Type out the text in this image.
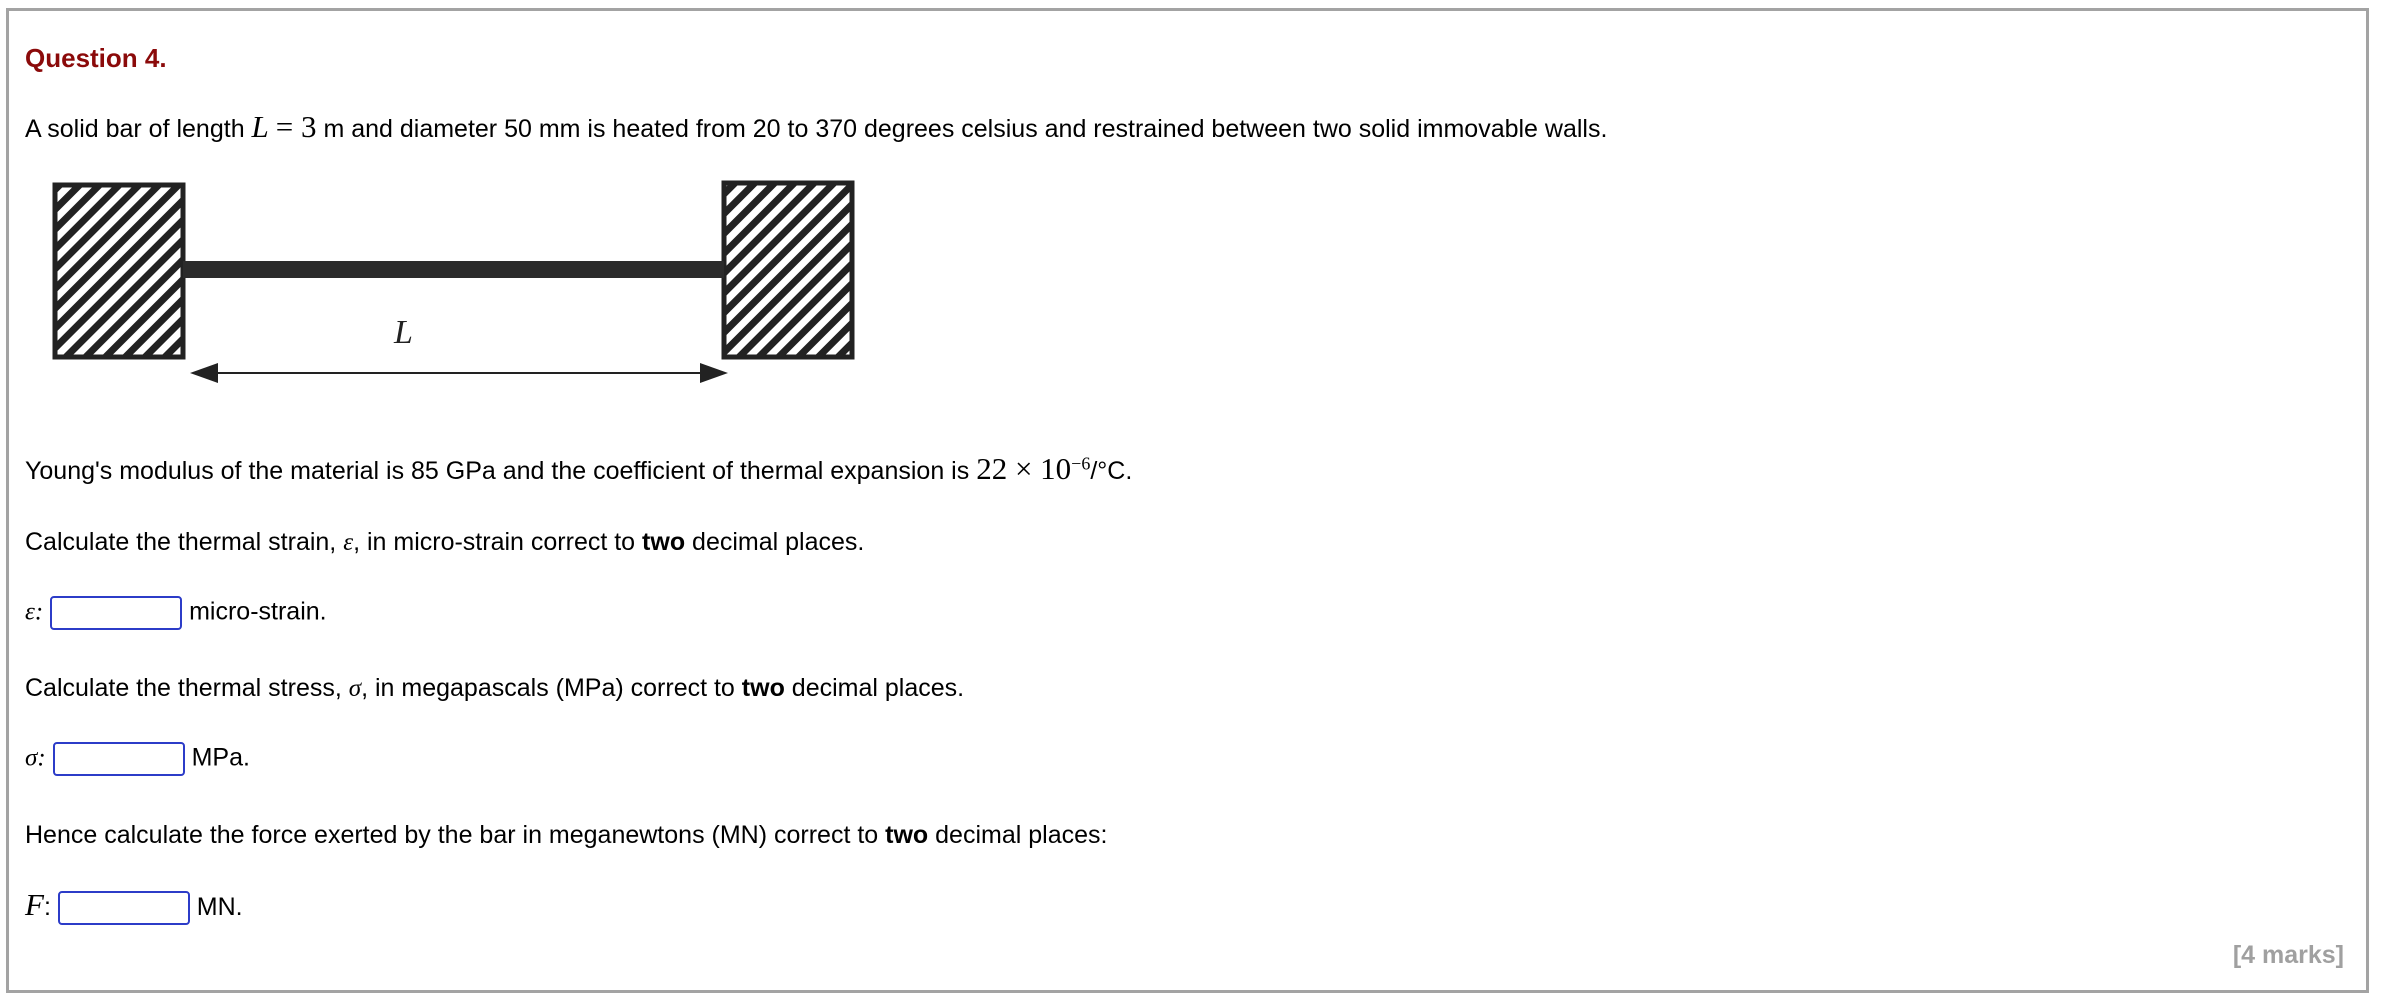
Question 4.
A solid bar of length L = 3 m and diameter 50 mm is heated from 20 to 370 degrees celsius and restrained between two solid immovable walls.
L
Young's modulus of the material is 85 GPa and the coefficient of thermal expansion is $22 \times 10^{-6}/^\circ C$.
Calculate the thermal strain, ε, in micro-strain correct to two decimal places.
ε:	micro-strain.
Calculate the thermal stress, σ, in megapascals (MPa) correct to two decimal places.
σ:	MPa.
Hence calculate the force exerted by the bar in meganewtons (MN) correct to two decimal places:
F:	MN.
[4 marks]
